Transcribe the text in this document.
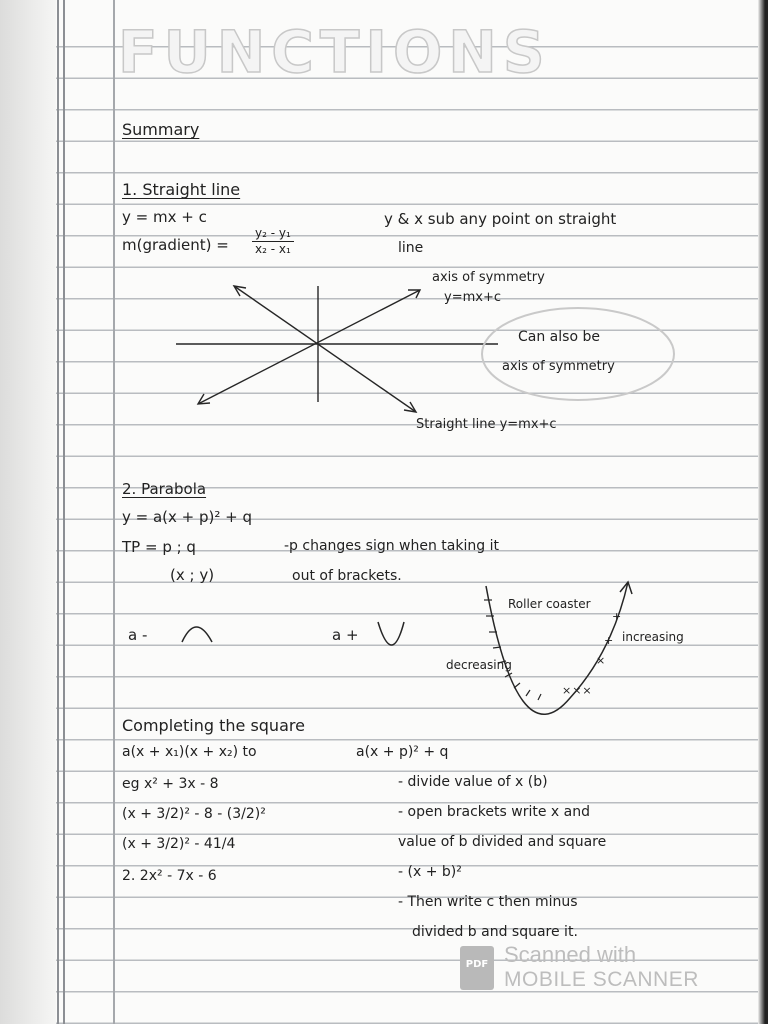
FUNCTIONS
Summary
1. Straight line
y = mx + c
m(gradient) = $\frac{\text{y₂ - y₁}}{\text{x₂ - x₁}}$
y & x sub any point on straight
line
axis of symmetry
y=mx+c
Can also be
axis of symmetry
Straight line y=mx+c
2. Parabola
y = a(x + p)² + q
TP = p ; q
(x ; y)
-p changes sign when taking it
out of brackets.
a -	a +
Roller coaster
increasing
decreasing
Completing the square
a(x + x₁)(x + x₂) to	a(x + p)² + q
eg x² + 3x - 8
(x + 3/2)² - 8 - (3/2)²
(x + 3/2)² - 41/4
2. 2x² - 7x - 6
- divide value of x (b)
- open brackets write x and
value of b divided and square
- (x + b)²
- Then write c then minus
divided b and square it.
×××
×
+
+
PDF Scanned with
MOBILE SCANNER
